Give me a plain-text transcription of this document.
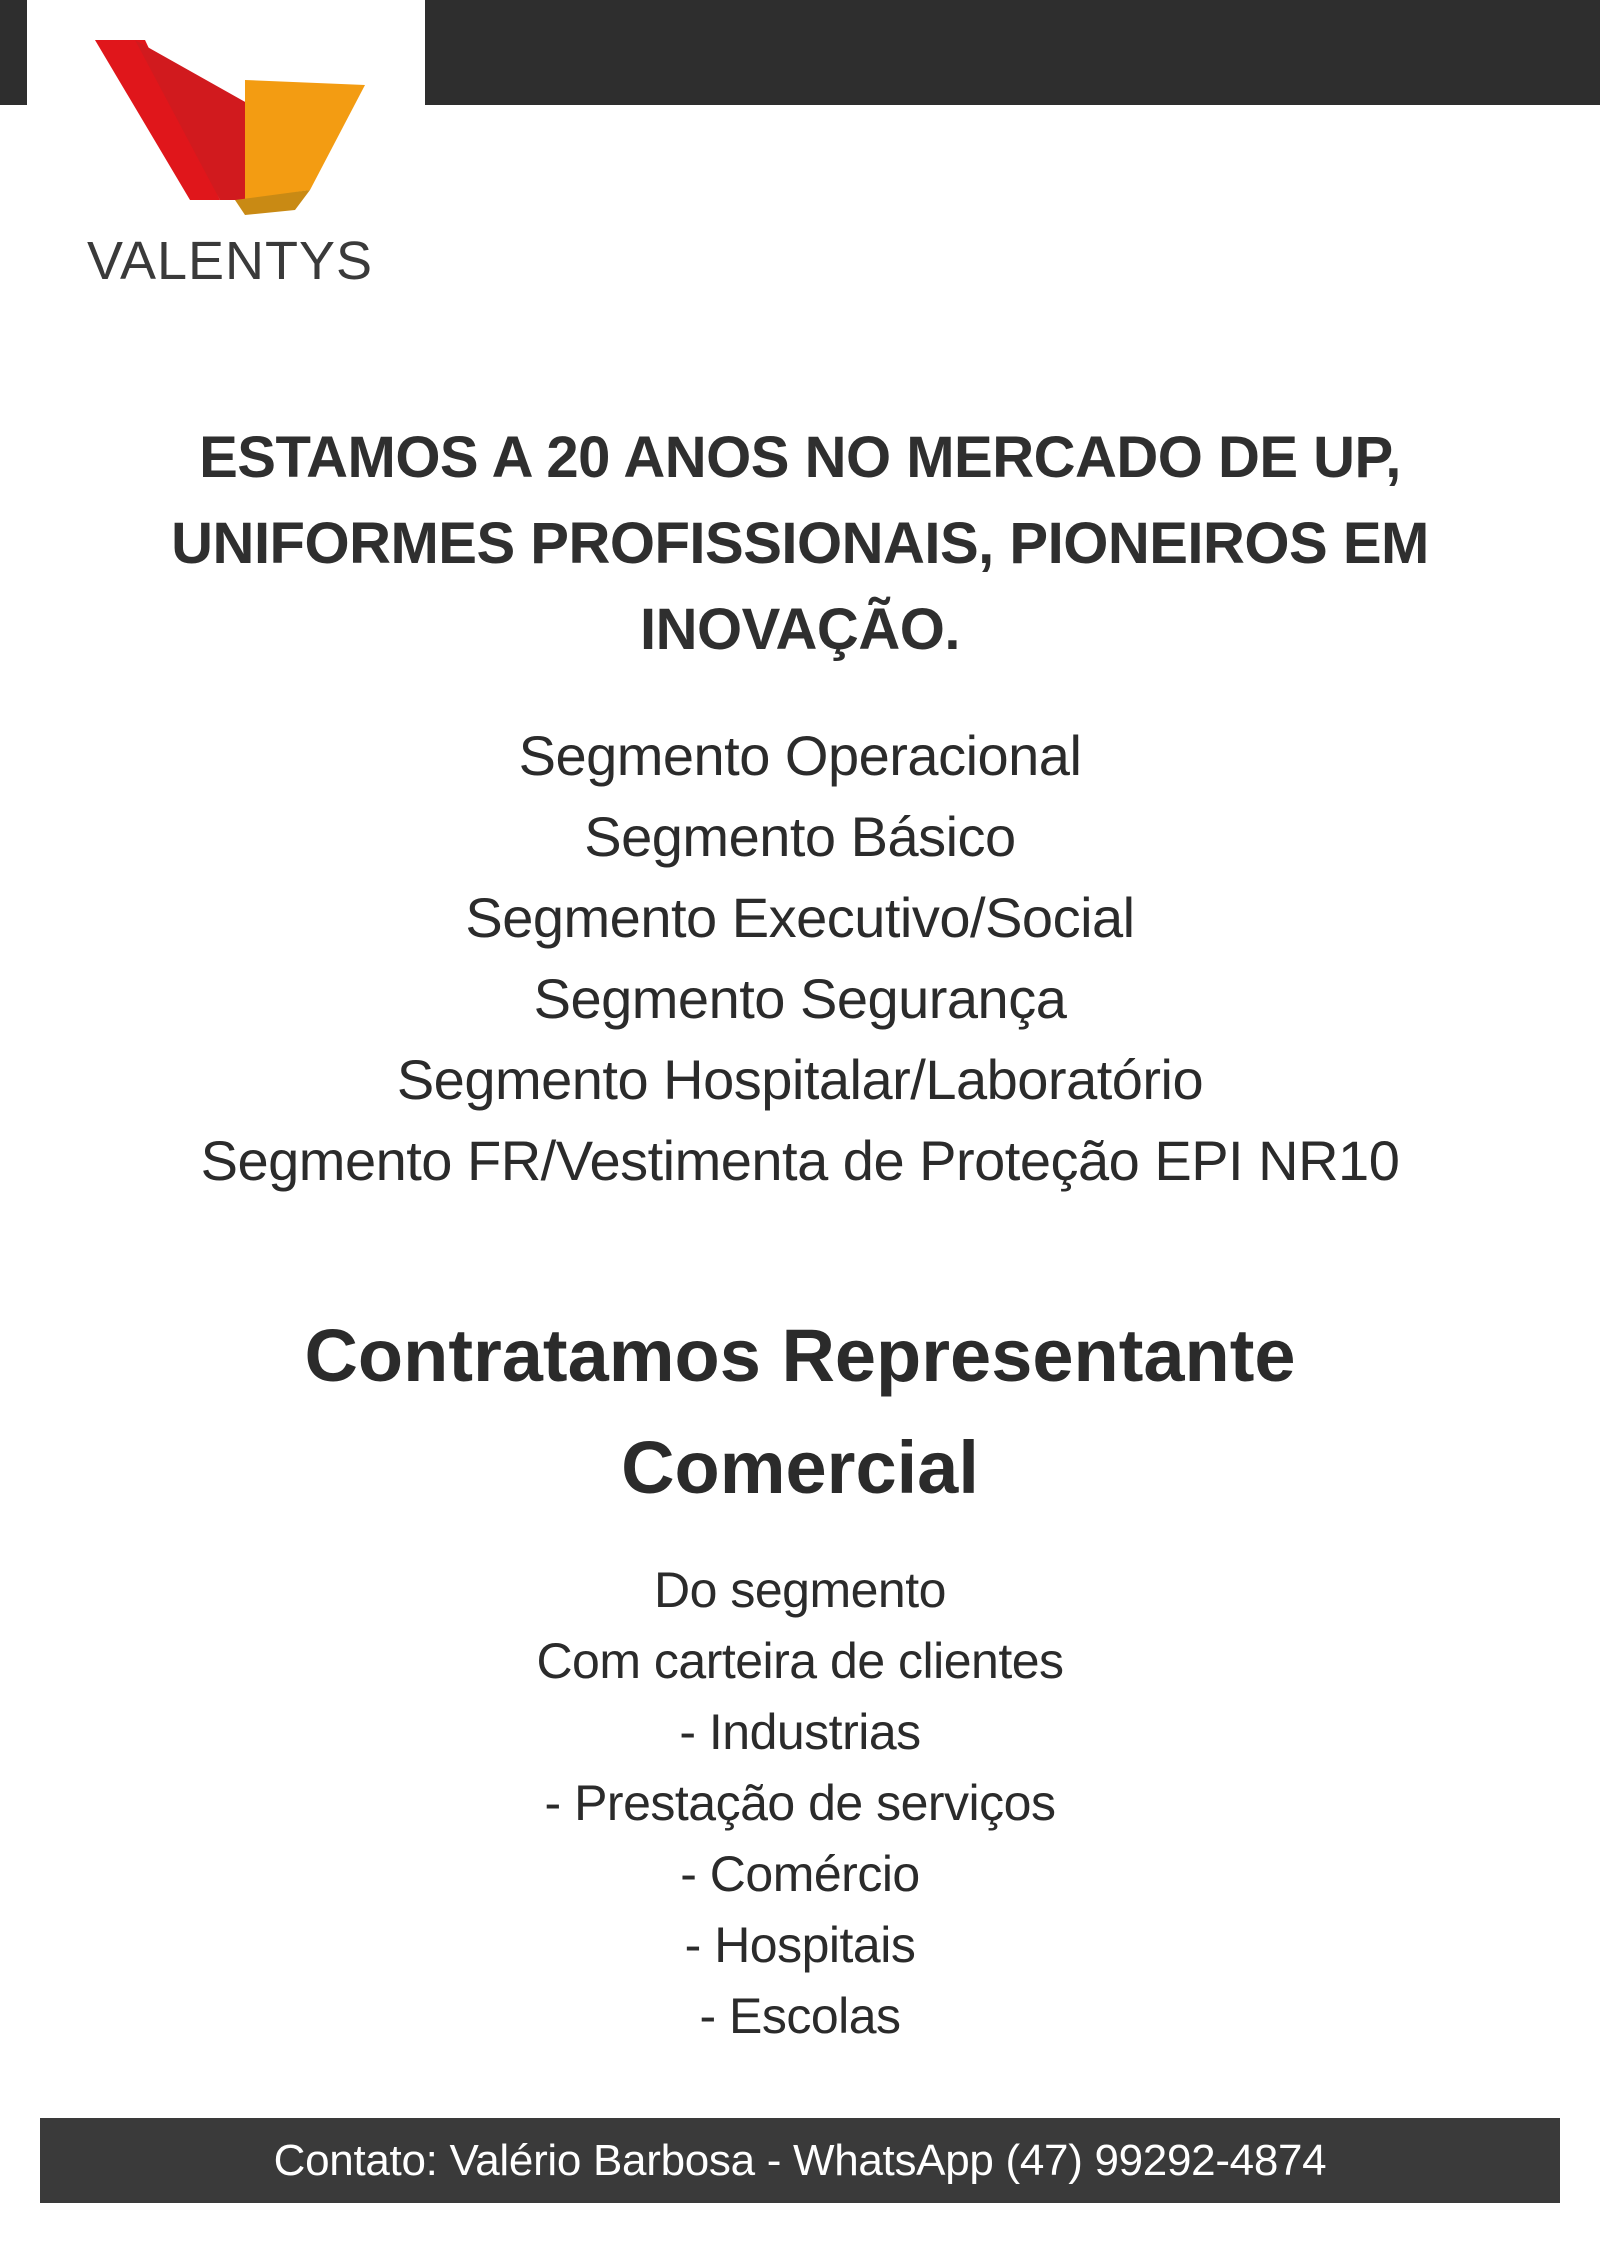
VALENTYS
ESTAMOS A 20 ANOS NO MERCADO DE UP,
UNIFORMES PROFISSIONAIS, PIONEIROS EM
INOVAÇÃO.
Segmento Operacional
Segmento Básico
Segmento Executivo/Social
Segmento Segurança
Segmento Hospitalar/Laboratório
Segmento FR/Vestimenta de Proteção EPI NR10
Contratamos Representante
Comercial
Do segmento
Com carteira de clientes
- Industrias
- Prestação de serviços
- Comércio
- Hospitais
- Escolas
Contato: Valério Barbosa - WhatsApp (47) 99292-4874
